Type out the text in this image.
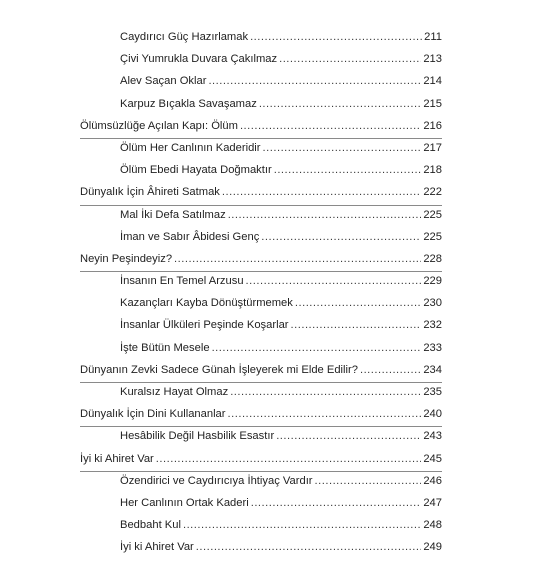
Caydırıcı Güç Hazırlamak .....	211
Çivi Yumrukla Duvara Çakılmaz .....	213
Alev Saçan Oklar .....	214
Karpuz Bıçakla Savaşamaz .....	215
Ölümsüzlüğe Açılan Kapı: Ölüm .....	216
Ölüm Her Canlının Kaderidir .....	217
Ölüm Ebedi Hayata Doğmaktır .....	218
Dünyalık İçin Âhireti Satmak .....	222
Mal İki Defa Satılmaz .....	225
İman ve Sabır Âbidesi Genç .....	225
Neyin Peşindeyiz? .....	228
İnsanın En Temel Arzusu .....	229
Kazançları Kayba Dönüştürmemek .....	230
İnsanlar Ülküleri Peşinde Koşarlar .....	232
İşte Bütün Mesele .....	233
Dünyanın Zevki Sadece Günah İşleyerek mi Elde Edilir? .....	234
Kuralsız Hayat Olmaz .....	235
Dünyalık İçin Dini Kullananlar .....	240
Hesâbilik Değil Hasbilik Esastır .....	243
İyi ki Ahiret Var .....	245
Özendirici ve Caydırıcıya İhtiyaç Vardır .....	246
Her Canlının Ortak Kaderi .....	247
Bedbaht Kul .....	248
İyi ki Ahiret Var .....	249
